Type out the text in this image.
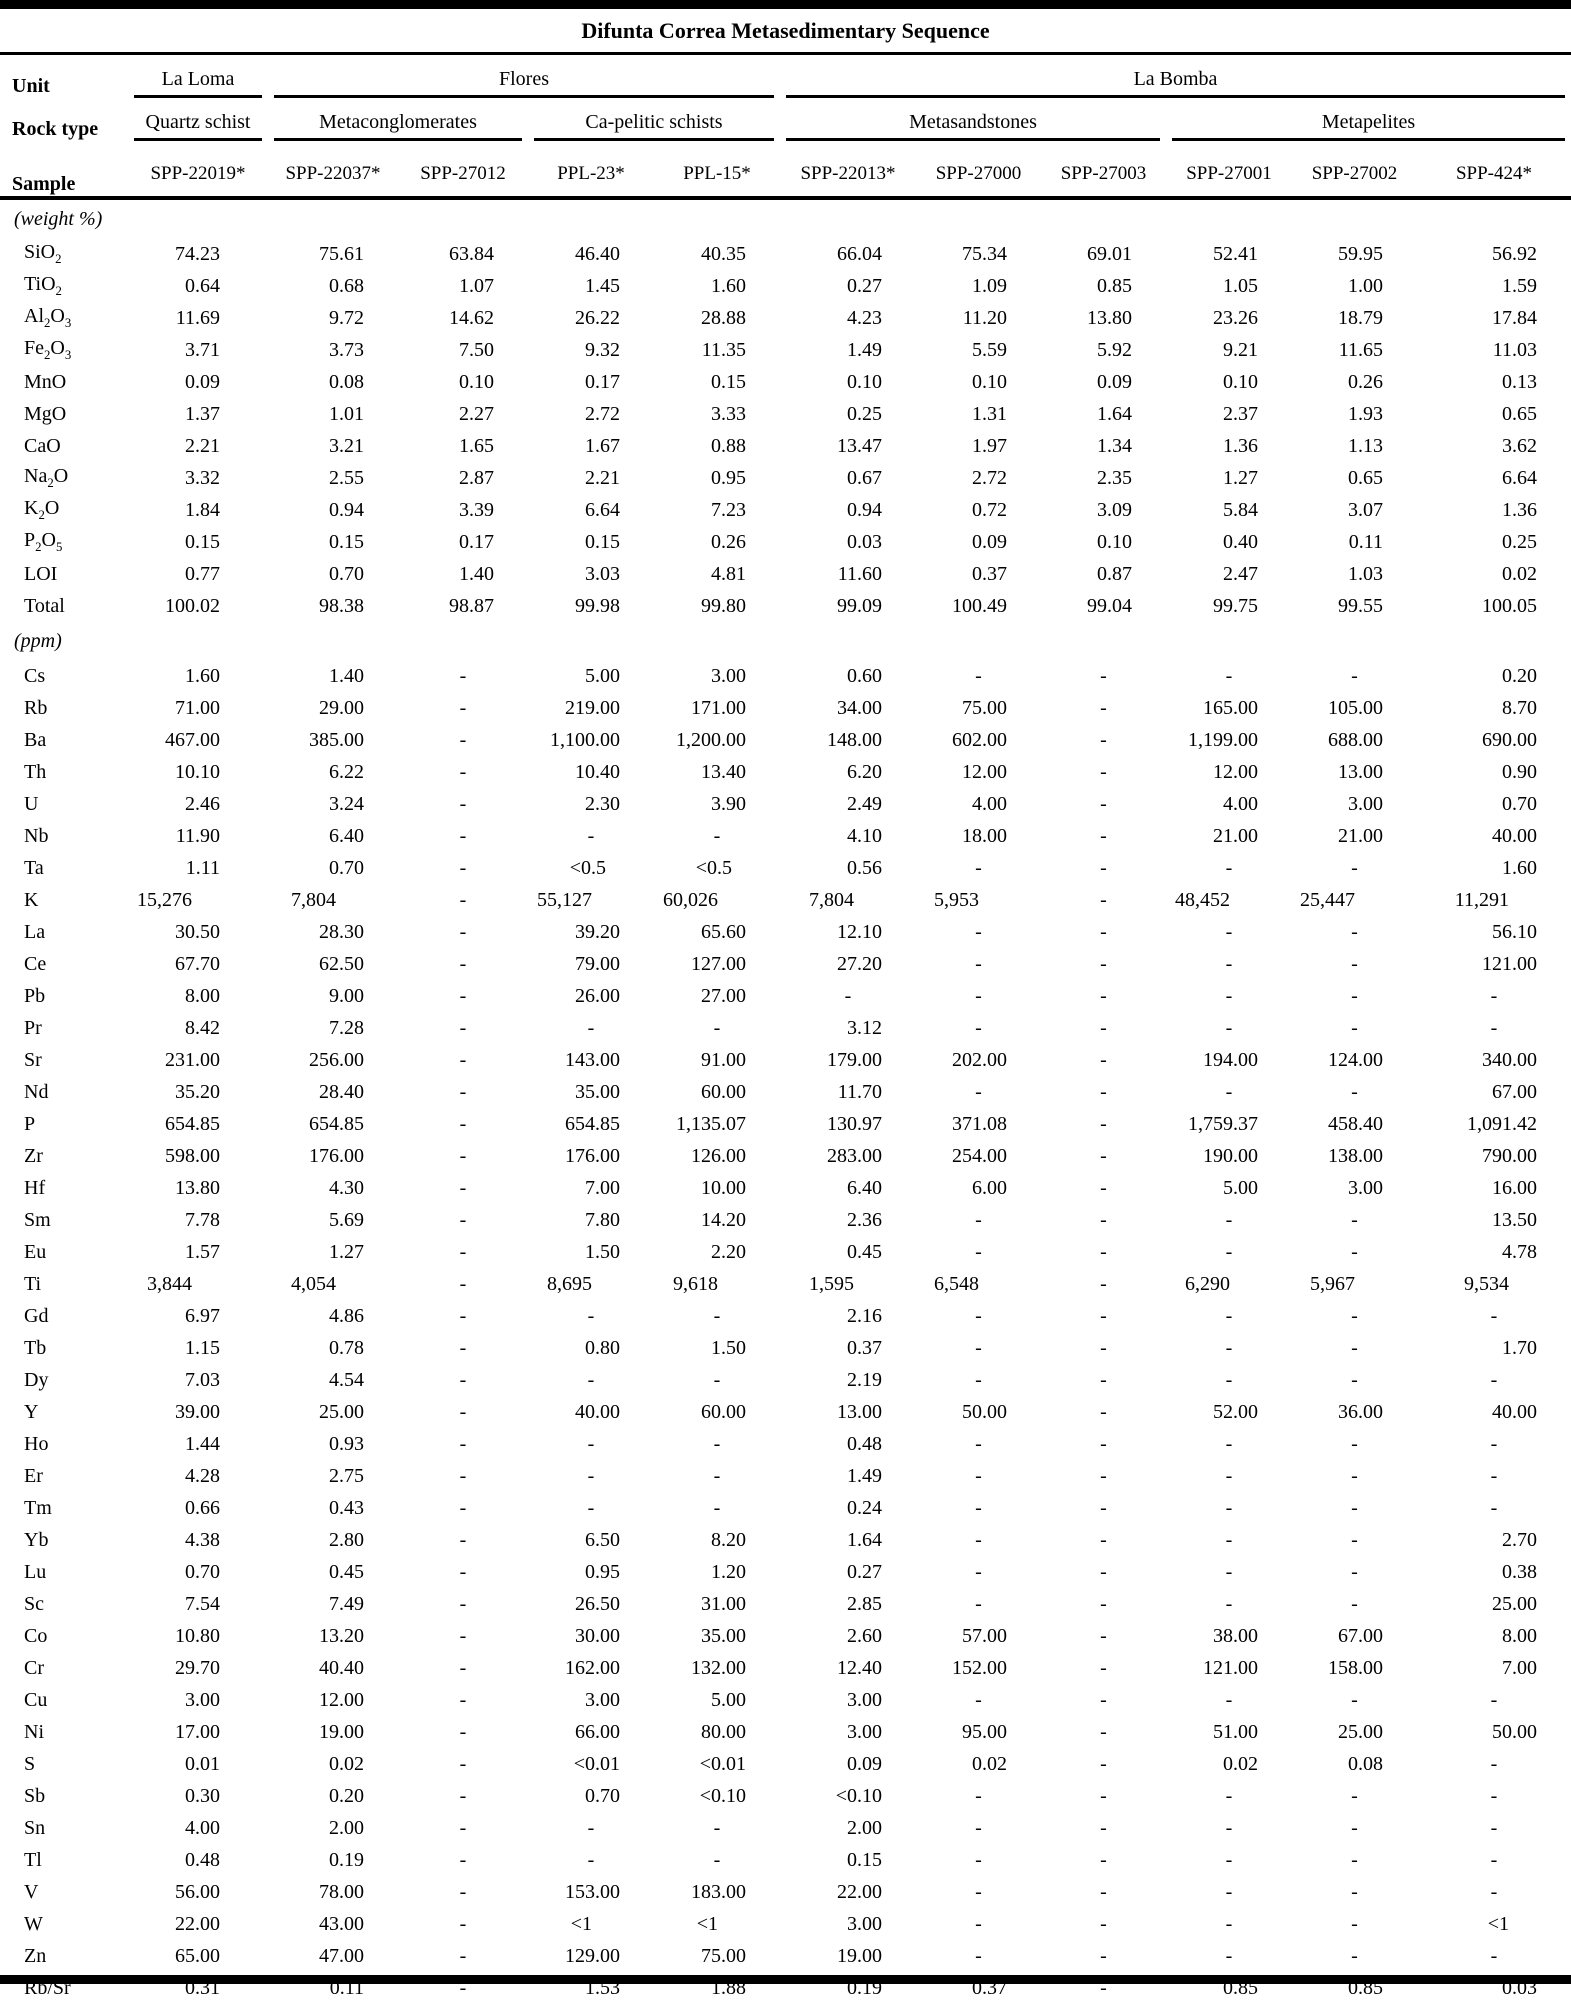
Difunta Correa Metasedimentary Sequence
Unit	La Loma	Flores				La Bomba					
Rock type	Quartz schist	Metaconglomerates		Ca-pelitic schists		Metasandstones			Metapelites		
Sample	SPP-22019*	SPP-22037*	SPP-27012	PPL-23*	PPL-15*	SPP-22013*	SPP-27000	SPP-27003	SPP-27001	SPP-27002	SPP-424*
(weight %)											
SiO$_2$	74.23	75.61	63.84	46.40	40.35	66.04	75.34	69.01	52.41	59.95	56.92
TiO$_2$	0.64	0.68	1.07	1.45	1.60	0.27	1.09	0.85	1.05	1.00	1.59
$Al_2O_3$	11.69	9.72	14.62	26.22	28.88	4.23	11.20	13.80	23.26	18.79	17.84
$Fe_2O_3$	3.71	3.73	7.50	9.32	11.35	1.49	5.59	5.92	9.21	11.65	11.03
MnO	0.09	0.08	0.10	0.17	0.15	0.10	0.10	0.09	0.10	0.26	0.13
MgO	1.37	1.01	2.27	2.72	3.33	0.25	1.31	1.64	2.37	1.93	0.65
CaO	2.21	3.21	1.65	1.67	0.88	13.47	1.97	1.34	1.36	1.13	3.62
$Na_2O$	3.32	2.55	2.87	2.21	0.95	0.67	2.72	2.35	1.27	0.65	6.64
$K_2O$	1.84	0.94	3.39	6.64	7.23	0.94	0.72	3.09	5.84	3.07	1.36
$P_2O_5$	0.15	0.15	0.17	0.15	0.26	0.03	0.09	0.10	0.40	0.11	0.25
LOI	0.77	0.70	1.40	3.03	4.81	11.60	0.37	0.87	2.47	1.03	0.02
Total	100.02	98.38	98.87	99.98	99.80	99.09	100.49	99.04	99.75	99.55	100.05
(ppm)											
Cs	1.60	1.40	-	5.00	3.00	0.60	-	-	-	-	0.20
Rb	71.00	29.00	-	219.00	171.00	34.00	75.00	-	165.00	105.00	8.70
Ba	467.00	385.00	-	1,100.00	1,200.00	148.00	602.00	-	1,199.00	688.00	690.00
Th	10.10	6.22	-	10.40	13.40	6.20	12.00	-	12.00	13.00	0.90
U	2.46	3.24	-	2.30	3.90	2.49	4.00	-	4.00	3.00	0.70
Nb	11.90	6.40	-	-	-	4.10	18.00	-	21.00	21.00	40.00
Ta	1.11	0.70	-	<0.5	<0.5	0.56	-	-	-	-	1.60
K	15,276	7,804	-	55,127	60,026	7,804	5,953	-	48,452	25,447	11,291
La	30.50	28.30	-	39.20	65.60	12.10	-	-	-	-	56.10
Ce	67.70	62.50	-	79.00	127.00	27.20	-	-	-	-	121.00
Pb	8.00	9.00	-	26.00	27.00	-	-	-	-	-	-
Pr	8.42	7.28	-	-	-	3.12	-	-	-	-	-
Sr	231.00	256.00	-	143.00	91.00	179.00	202.00	-	194.00	124.00	340.00
Nd	35.20	28.40	-	35.00	60.00	11.70	-	-	-	-	67.00
P	654.85	654.85	-	654.85	1,135.07	130.97	371.08	-	1,759.37	458.40	1,091.42
Zr	598.00	176.00	-	176.00	126.00	283.00	254.00	-	190.00	138.00	790.00
Hf	13.80	4.30	-	7.00	10.00	6.40	6.00	-	5.00	3.00	16.00
Sm	7.78	5.69	-	7.80	14.20	2.36	-	-	-	-	13.50
Eu	1.57	1.27	-	1.50	2.20	0.45	-	-	-	-	4.78
Ti	3,844	4,054	-	8,695	9,618	1,595	6,548	-	6,290	5,967	9,534
Gd	6.97	4.86	-	-	-	2.16	-	-	-	-	-
Tb	1.15	0.78	-	0.80	1.50	0.37	-	-	-	-	1.70
Dy	7.03	4.54	-	-	-	2.19	-	-	-	-	-
Y	39.00	25.00	-	40.00	60.00	13.00	50.00	-	52.00	36.00	40.00
Ho	1.44	0.93	-	-	-	0.48	-	-	-	-	-
Er	4.28	2.75	-	-	-	1.49	-	-	-	-	-
Tm	0.66	0.43	-	-	-	0.24	-	-	-	-	-
Yb	4.38	2.80	-	6.50	8.20	1.64	-	-	-	-	2.70
Lu	0.70	0.45	-	0.95	1.20	0.27	-	-	-	-	0.38
Sc	7.54	7.49	-	26.50	31.00	2.85	-	-	-	-	25.00
Co	10.80	13.20	-	30.00	35.00	2.60	57.00	-	38.00	67.00	8.00
Cr	29.70	40.40	-	162.00	132.00	12.40	152.00	-	121.00	158.00	7.00
Cu	3.00	12.00	-	3.00	5.00	3.00	-	-	-	-	-
Ni	17.00	19.00	-	66.00	80.00	3.00	95.00	-	51.00	25.00	50.00
S	0.01	0.02	-	<0.01	<0.01	0.09	0.02	-	0.02	0.08	-
Sb	0.30	0.20	-	0.70	<0.10	<0.10	-	-	-	-	-
Sn	4.00	2.00	-	-	-	2.00	-	-	-	-	-
Tl	0.48	0.19	-	-	-	0.15	-	-	-	-	-
V	56.00	78.00	-	153.00	183.00	22.00	-	-	-	-	-
W	22.00	43.00	-	<1	<1	3.00	-	-	-	-	<1
Zn	65.00	47.00	-	129.00	75.00	19.00	-	-	-	-	-
Rb/Sr	0.31	0.11	-	1.53	1.88	0.19	0.37	-	0.85	0.85	0.03
